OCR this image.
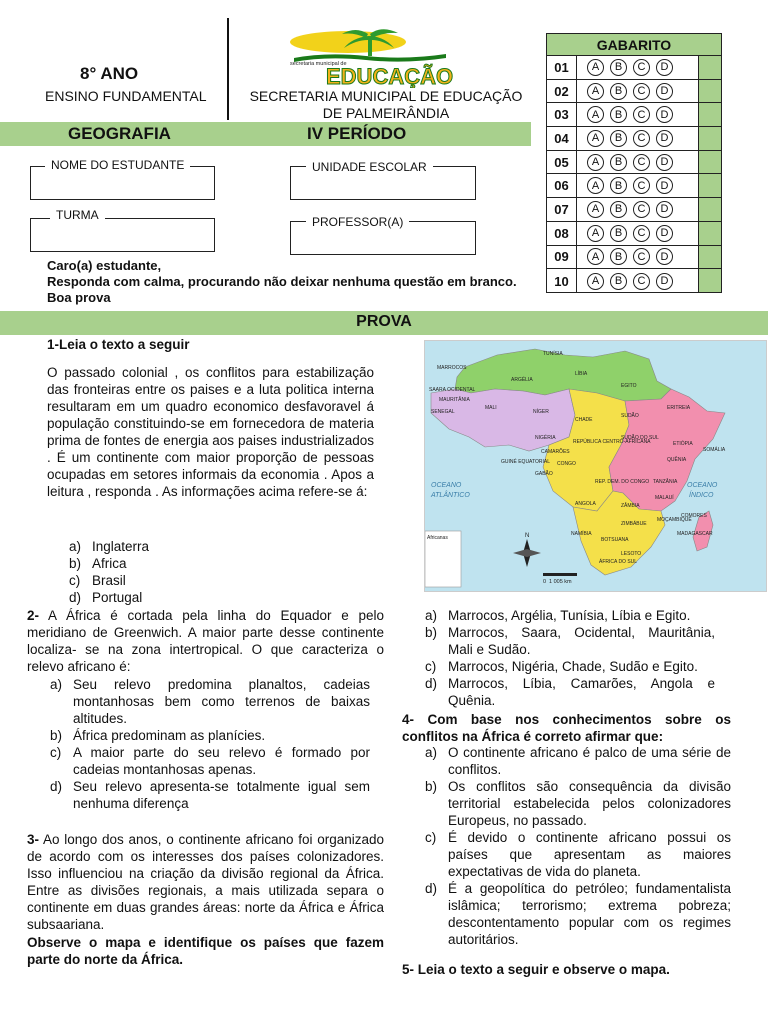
8° ANO
ENSINO FUNDAMENTAL
secretaria municipal de
EDUCAÇÃO
SECRETARIA MUNICIPAL DE EDUCAÇÃO
DE PALMEIRÂNDIA
GEOGRAFIA	IV PERÍODO
NOME DO ESTUDANTE	UNIDADE ESCOLAR
TURMA	PROFESSOR(A)
GABARITO
01	A	B	C	D
02	A	B	C	D
03	A	B	C	D
04	A	B	C	D
05	A	B	C	D
06	A	B	C	D
07	A	B	C	D
08	A	B	C	D
09	A	B	C	D
10	A	B	C	D
Caro(a) estudante,
Responda com calma, procurando não deixar nenhuma questão em branco.
Boa prova
PROVA
1-Leia o texto a seguir
O passado colonial , os conflitos para estabilização das fronteiras entre os paises e a luta politica interna resultaram em um quadro economico desfavoravel á população constituindo-se em fornecedora de materia prima de fontes de energia aos paises industrializados . É um continente com maior proporção de pessoas ocupadas em setores informais da economia . Apos a leitura , responda . As informações acima refere-se á:
a) Inglaterra
b) Africa
c) Brasil
d) Portugal
2- A África é cortada pela linha do Equador e pelo meridiano de Greenwich. A maior parte desse continente localiza- se na zona intertropical. O que caracteriza o relevo africano é:
a) Seu relevo predomina planaltos, cadeias montanhosas bem como terrenos de baixas altitudes.
b) África predominam as planícies.
c) A maior parte do seu relevo é formado por cadeias montanhosas apenas.
d) Seu relevo apresenta-se totalmente igual sem nenhuma diferença
3- Ao longo dos anos, o continente africano foi organizado de acordo com os interesses dos países colonizadores. Isso influenciou na criação da divisão regional da África. Entre as divisões regionais, a mais utilizada separa o continente em duas grandes áreas: norte da África e África subsaariana.
Observe o mapa e identifique os países que fazem parte do norte da África.
TUNÍSIA
MARROCOS
ARGÉLIA
LÍBIA
EGITO
SAARA OCIDENTAL
MAURITÂNIA
MALI
NÍGER
CHADE
SUDÃO
SENEGAL
ERITREIA
ETIÓPIA
NIGÉRIA
REPÚBLICA CENTRO-AFRICANA
SUDÃO DO SUL
SOMÁLIA
CAMARÕES
GUINÉ EQUATORIAL
GABÃO
QUÊNIA
CONGO
REP. DEM. DO CONGO TANZÂNIA
ANGOLA	ZÂMBIA
MALAUÍ
MOÇAMBIQUE
ZIMBÁBUE
NAMÍBIA
BOTSUANA
MADAGASCAR
ÁFRICA DO SUL
LESOTO
COMORES
OCEANO
ATLÂNTICO
OCEANO
ÍNDICO
Africanas	N
0 1 005 km
a) Marrocos, Argélia, Tunísia, Líbia e Egito.
b) Marrocos, Saara, Ocidental, Mauritânia, Mali e Sudão.
c) Marrocos, Nigéria, Chade, Sudão e Egito.
d) Marrocos, Líbia, Camarões, Angola e Quênia.
4- Com base nos conhecimentos sobre os conflitos na África é correto afirmar que:
a) O continente africano é palco de uma série de conflitos.
b) Os conflitos são consequência da divisão territorial estabelecida pelos colonizadores Europeus, no passado.
c) É devido o continente africano possui os países que apresentam as maiores expectativas de vida do planeta.
d) É a geopolítica do petróleo; fundamentalista islâmica; terrorismo; extrema pobreza; descontentamento popular com os regimes autoritários.
5- Leia o texto a seguir e observe o mapa.
